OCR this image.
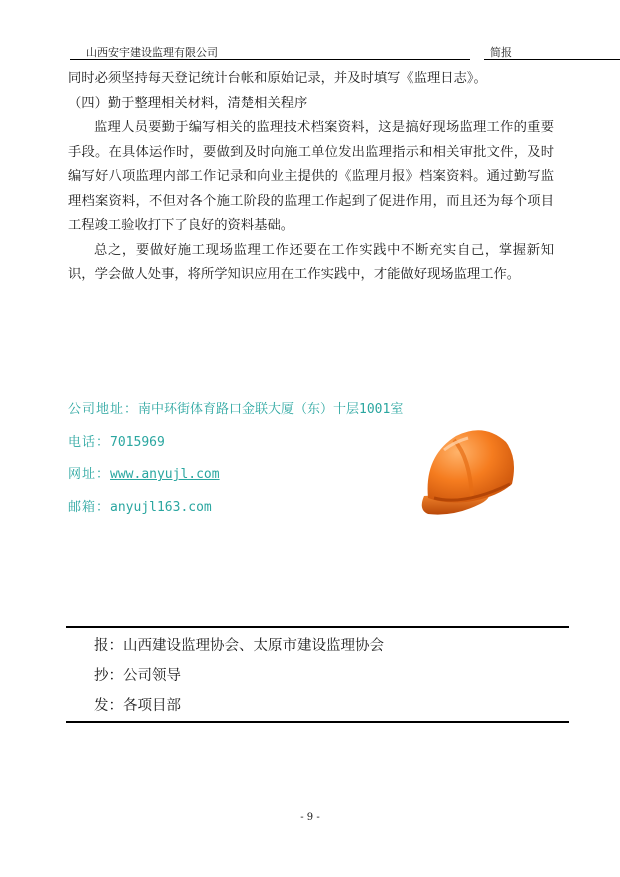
山西安宇建设监理有限公司	简报

同时必须坚持每天登记统计台帐和原始记录，并及时填写《监理日志》。

（四）勤于整理相关材料，清楚相关程序

监理人员要勤于编写相关的监理技术档案资料，这是搞好现场监理工作的重要手段。在具体运作时，要做到及时向施工单位发出监理指示和相关审批文件，及时编写好八项监理内部工作记录和向业主提供的《监理月报》档案资料。通过勤写监理档案资料，不但对各个施工阶段的监理工作起到了促进作用，而且还为每个项目工程竣工验收打下了良好的资料基础。

总之，要做好施工现场监理工作还要在工作实践中不断充实自己，掌握新知识，学会做人处事，将所学知识应用在工作实践中，才能做好现场监理工作。

公司地址：南中环街体育路口金联大厦（东）十层1001室
电话：7015969
网址：www.anyujl.com
邮箱：anyujl163.com
报：山西建设监理协会、太原市建设监理协会
抄：公司领导
发：各项目部
- 9 -
